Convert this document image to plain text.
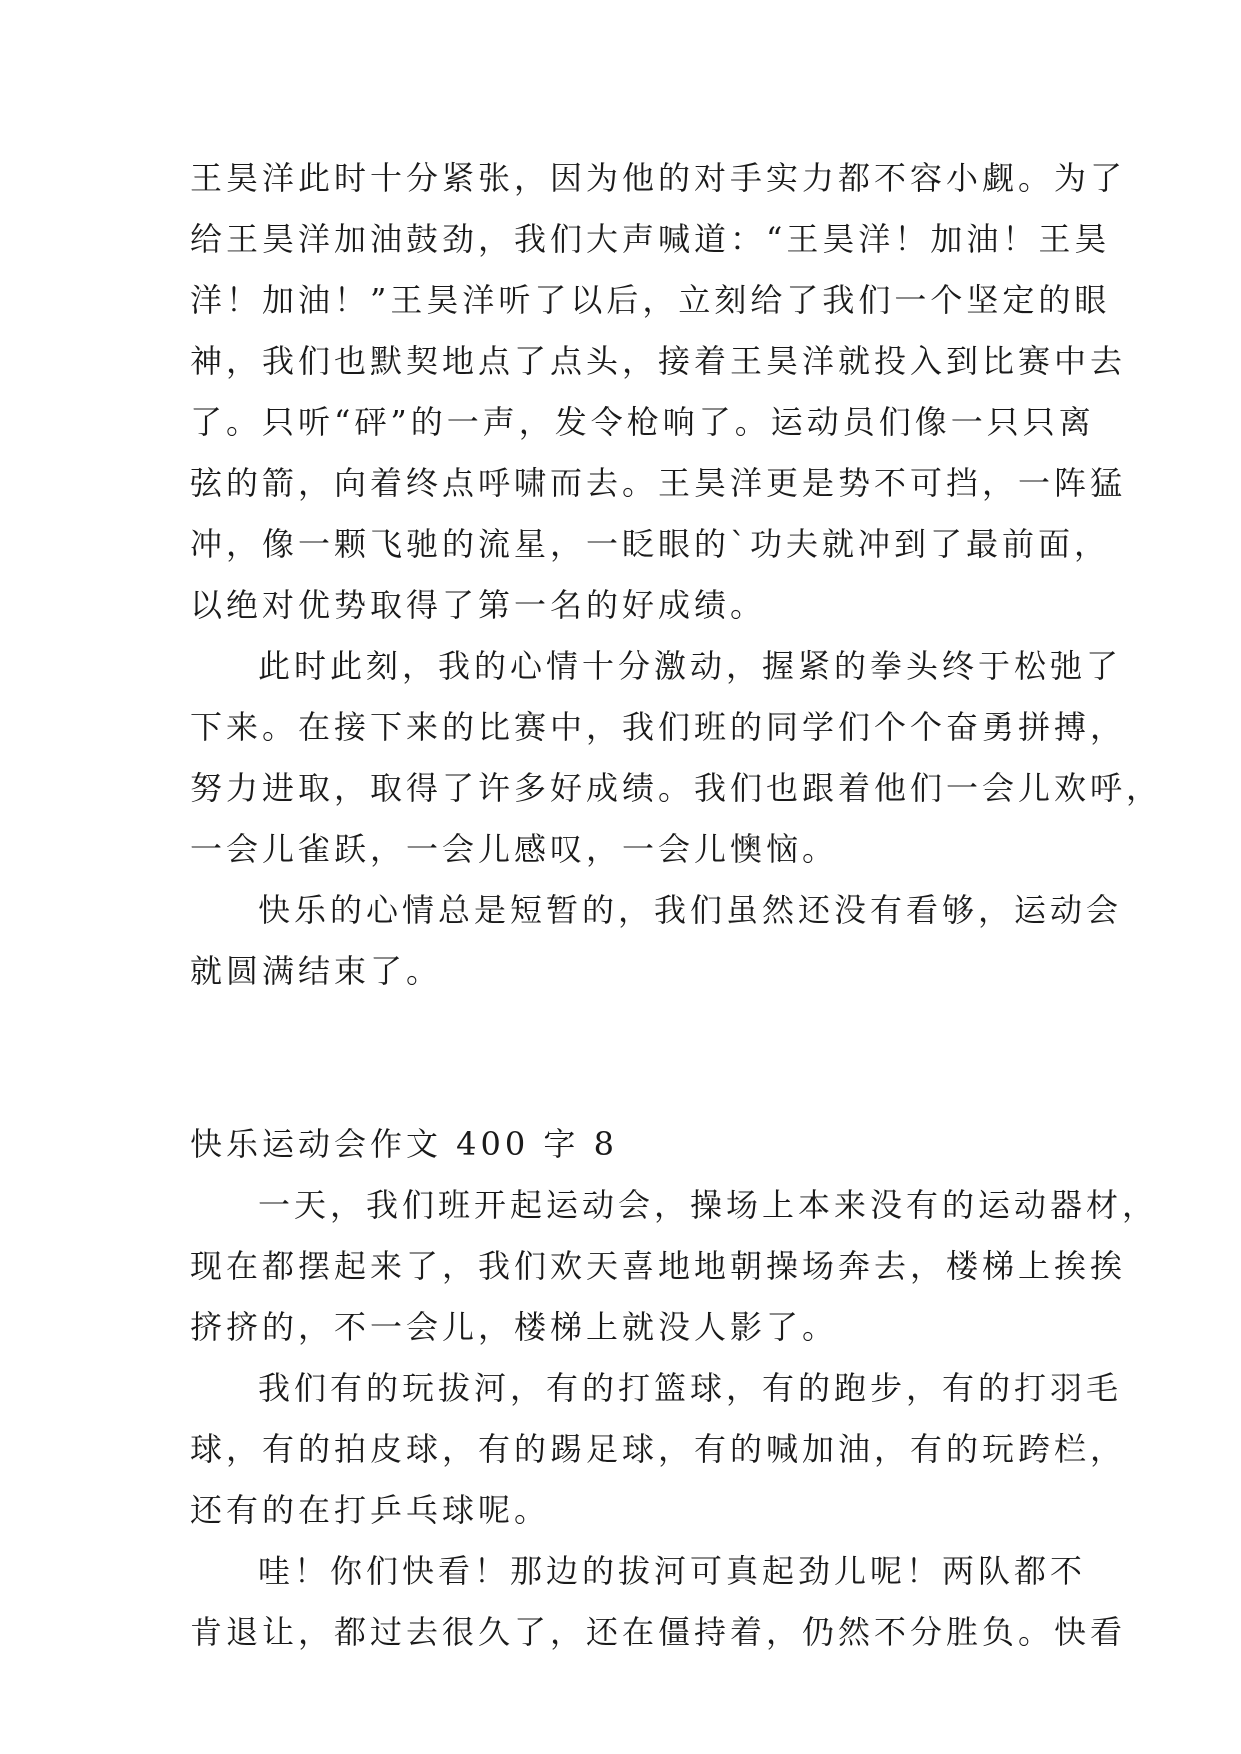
王昊洋此时十分紧张，因为他的对手实力都不容小觑。为了
给王昊洋加油鼓劲，我们大声喊道：“王昊洋！加油！王昊
洋！加油！”王昊洋听了以后，立刻给了我们一个坚定的眼
神，我们也默契地点了点头，接着王昊洋就投入到比赛中去
了。只听“砰”的一声，发令枪响了。运动员们像一只只离
弦的箭，向着终点呼啸而去。王昊洋更是势不可挡，一阵猛
冲，像一颗飞驰的流星，一眨眼的`功夫就冲到了最前面，
以绝对优势取得了第一名的好成绩。
此时此刻，我的心情十分激动，握紧的拳头终于松弛了
下来。在接下来的比赛中，我们班的同学们个个奋勇拼搏，
努力进取，取得了许多好成绩。我们也跟着他们一会儿欢呼，
一会儿雀跃，一会儿感叹，一会儿懊恼。
快乐的心情总是短暂的，我们虽然还没有看够，运动会
就圆满结束了。
快乐运动会作文 400 字 8
一天，我们班开起运动会，操场上本来没有的运动器材，
现在都摆起来了，我们欢天喜地地朝操场奔去，楼梯上挨挨
挤挤的，不一会儿，楼梯上就没人影了。
我们有的玩拔河，有的打篮球，有的跑步，有的打羽毛
球，有的拍皮球，有的踢足球，有的喊加油，有的玩跨栏，
还有的在打乒乓球呢。
哇！你们快看！那边的拔河可真起劲儿呢！两队都不
肯退让，都过去很久了，还在僵持着，仍然不分胜负。快看
